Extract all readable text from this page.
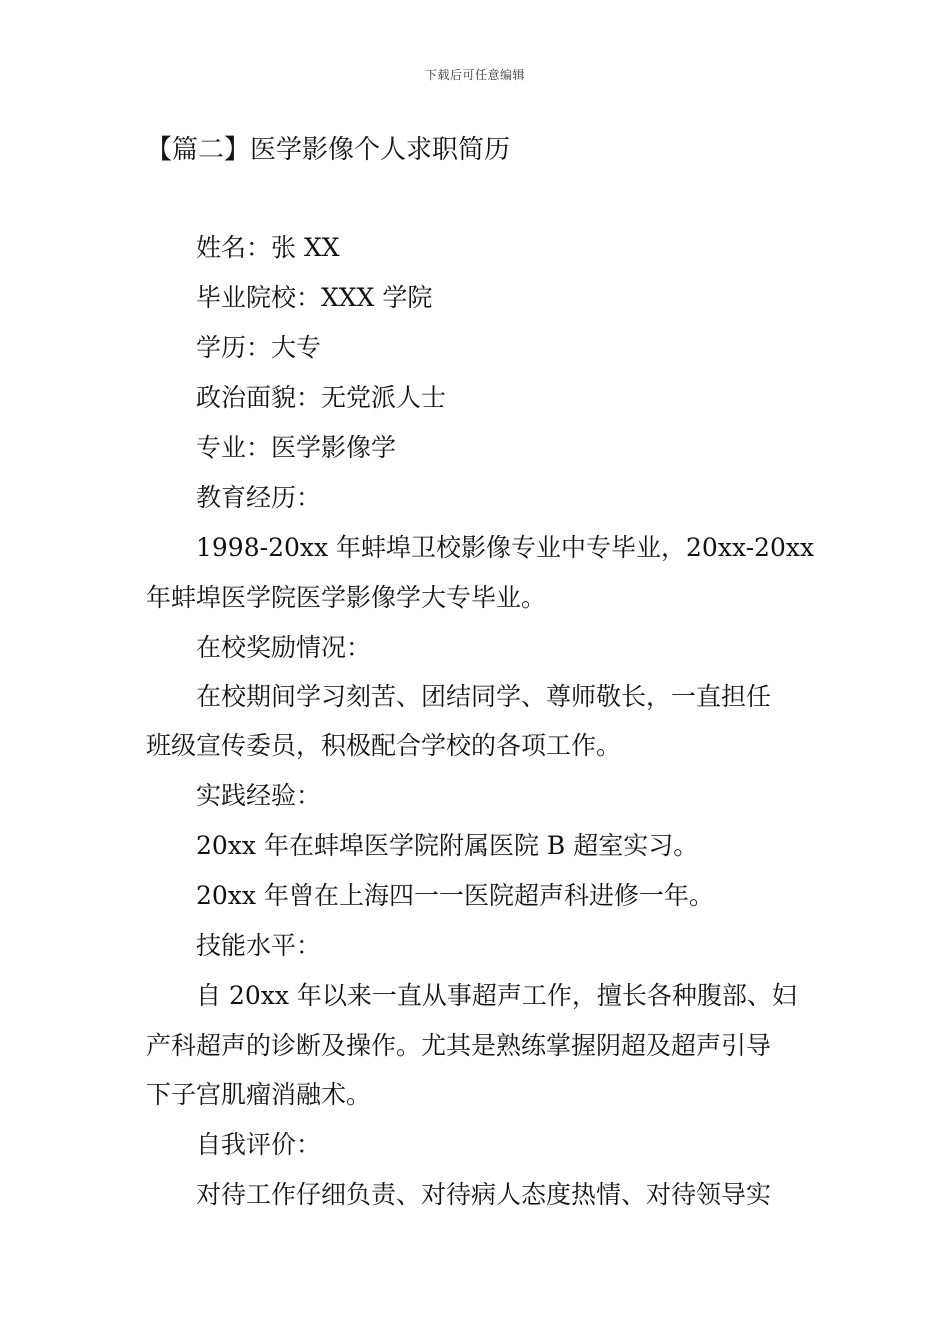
下载后可任意编辑
【篇二】医学影像个人求职简历
姓名：张 XX
毕业院校：XXX 学院
学历：大专
政治面貌：无党派人士
专业：医学影像学
教育经历：
1998-20xx 年蚌埠卫校影像专业中专毕业，20xx-20xx
年蚌埠医学院医学影像学大专毕业。
在校奖励情况：
在校期间学习刻苦、团结同学、尊师敬长，一直担任
班级宣传委员，积极配合学校的各项工作。
实践经验：
20xx 年在蚌埠医学院附属医院 B 超室实习。
20xx 年曾在上海四一一医院超声科进修一年。
技能水平：
自 20xx 年以来一直从事超声工作，擅长各种腹部、妇
产科超声的诊断及操作。尤其是熟练掌握阴超及超声引导
下子宫肌瘤消融术。
自我评价：
对待工作仔细负责、对待病人态度热情、对待领导实
